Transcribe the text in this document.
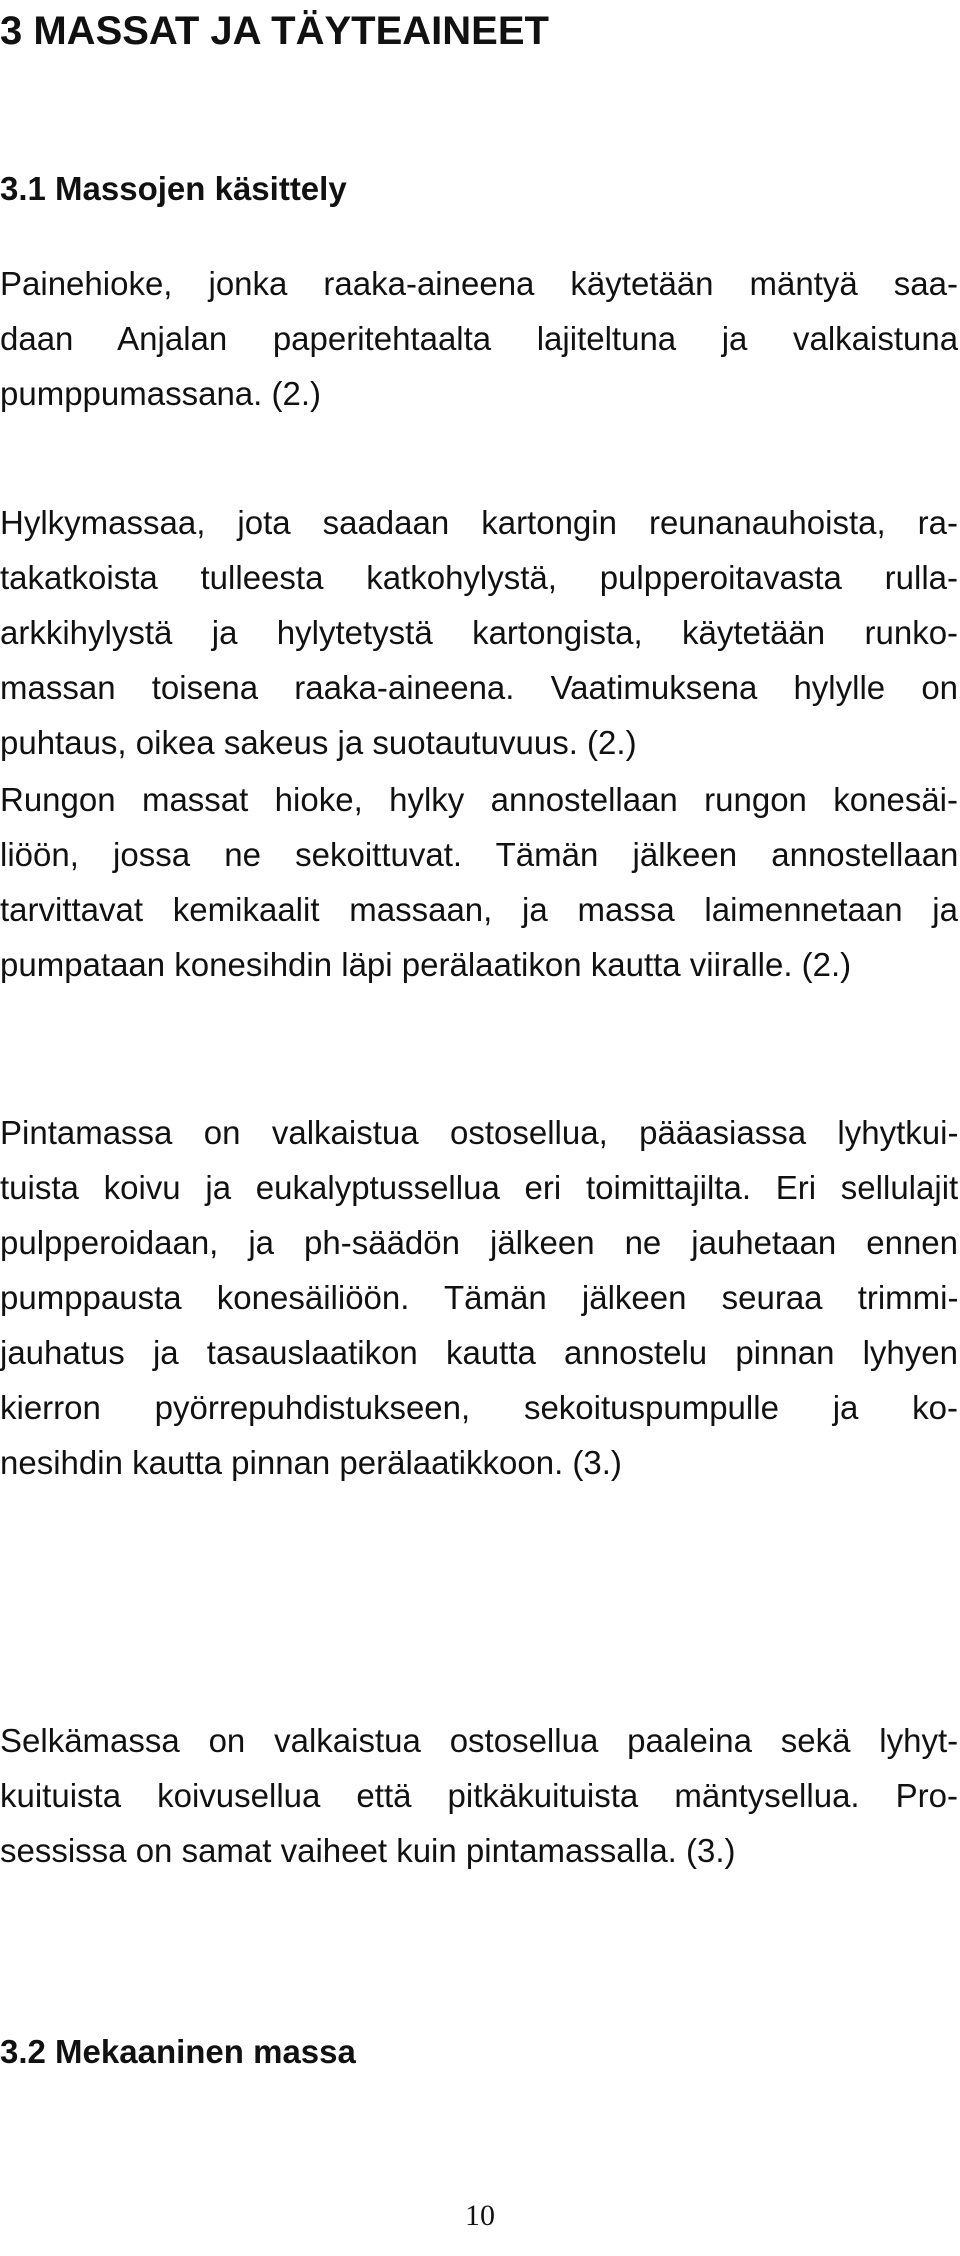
3 MASSAT JA TÄYTEAINEET
3.1 Massojen käsittely
Painehioke, jonka raaka-aineena käytetään mäntyä saa-
daan Anjalan paperitehtaalta lajiteltuna ja valkaistuna
pumppumassana. (2.)
Hylkymassaa, jota saadaan kartongin reunanauhoista, ra-
takatkoista tulleesta katkohylystä, pulpperoitavasta rulla-
arkkihylystä ja hylytetystä kartongista, käytetään runko-
massan toisena raaka-aineena. Vaatimuksena hylylle on
puhtaus, oikea sakeus ja suotautuvuus. (2.)
Rungon massat hioke, hylky annostellaan rungon konesäi-
liöön, jossa ne sekoittuvat. Tämän jälkeen annostellaan
tarvittavat kemikaalit massaan, ja massa laimennetaan ja
pumpataan konesihdin läpi perälaatikon kautta viiralle. (2.)
Pintamassa on valkaistua ostosellua, pääasiassa lyhytkui-
tuista koivu ja eukalyptussellua eri toimittajilta. Eri sellulajit
pulpperoidaan, ja ph-säädön jälkeen ne jauhetaan ennen
pumppausta konesäiliöön. Tämän jälkeen seuraa trimmi-
jauhatus ja tasauslaatikon kautta annostelu pinnan lyhyen
kierron pyörrepuhdistukseen, sekoituspumpulle ja ko-
nesihdin kautta pinnan perälaatikkoon. (3.)
Selkämassa on valkaistua ostosellua paaleina sekä lyhyt-
kuituista koivusellua että pitkäkuituista mäntysellua. Pro-
sessissa on samat vaiheet kuin pintamassalla. (3.)
3.2 Mekaaninen massa
10
